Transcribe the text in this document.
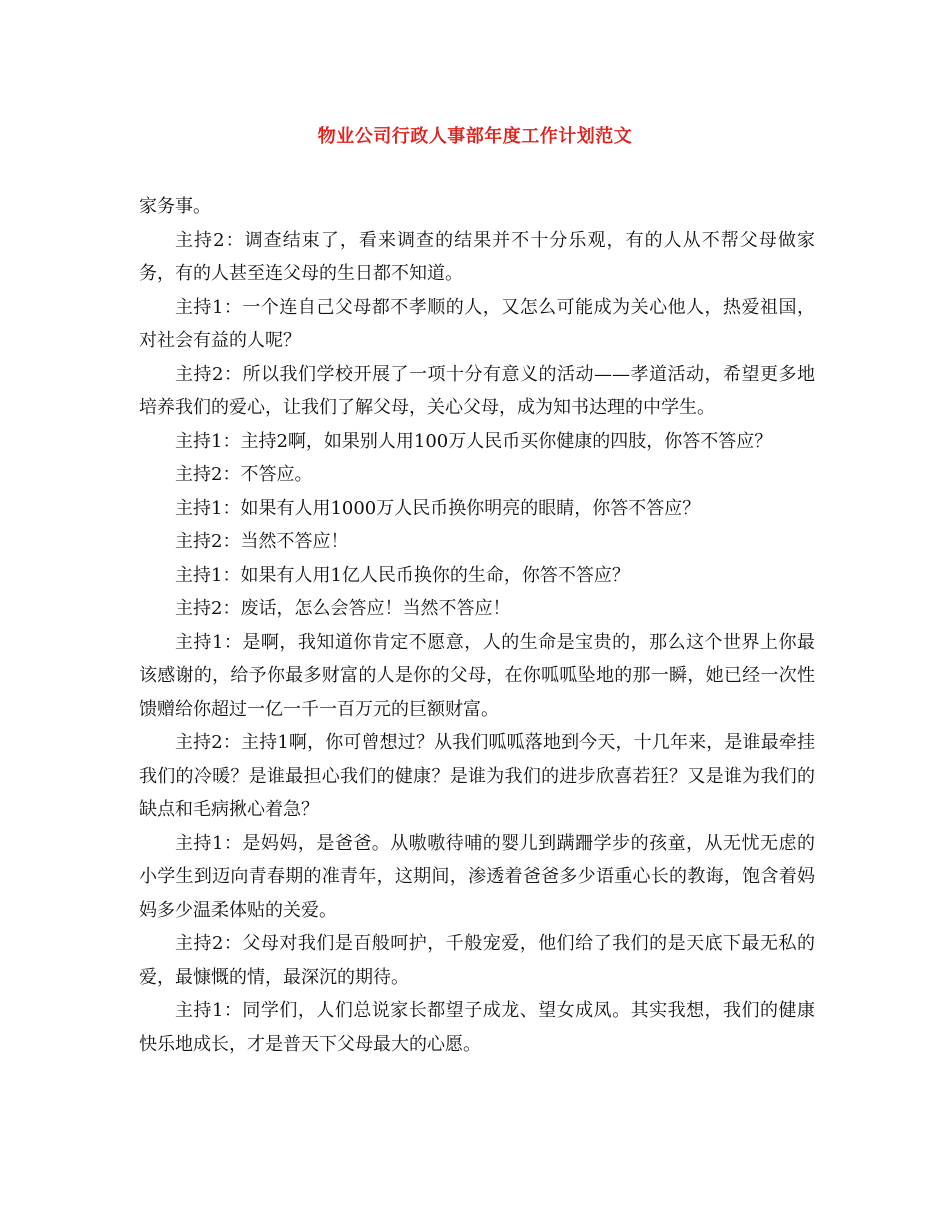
物业公司行政人事部年度工作计划范文

家务事。

主持2：调查结束了，看来调查的结果并不十分乐观，有的人从不帮父母做家务，有的人甚至连父母的生日都不知道。

主持1：一个连自己父母都不孝顺的人，又怎么可能成为关心他人，热爱祖国，对社会有益的人呢？

主持2：所以我们学校开展了一项十分有意义的活动——孝道活动，希望更多地培养我们的爱心，让我们了解父母，关心父母，成为知书达理的中学生。

主持1：主持2啊，如果别人用100万人民币买你健康的四肢，你答不答应？

主持2：不答应。

主持1：如果有人用1000万人民币换你明亮的眼睛，你答不答应？

主持2：当然不答应！

主持1：如果有人用1亿人民币换你的生命，你答不答应？

主持2：废话，怎么会答应！当然不答应！

主持1：是啊，我知道你肯定不愿意，人的生命是宝贵的，那么这个世界上你最该感谢的，给予你最多财富的人是你的父母，在你呱呱坠地的那一瞬，她已经一次性馈赠给你超过一亿一千一百万元的巨额财富。

主持2：主持1啊，你可曾想过？从我们呱呱落地到今天，十几年来，是谁最牵挂我们的冷暖？是谁最担心我们的健康？是谁为我们的进步欣喜若狂？又是谁为我们的缺点和毛病揪心着急？

主持1：是妈妈，是爸爸。从嗷嗷待哺的婴儿到蹒跚学步的孩童，从无忧无虑的小学生到迈向青春期的准青年，这期间，渗透着爸爸多少语重心长的教诲，饱含着妈妈多少温柔体贴的关爱。

主持2：父母对我们是百般呵护，千般宠爱，他们给了我们的是天底下最无私的爱，最慷慨的情，最深沉的期待。

主持1：同学们，人们总说家长都望子成龙、望女成凤。其实我想，我们的健康快乐地成长，才是普天下父母最大的心愿。
